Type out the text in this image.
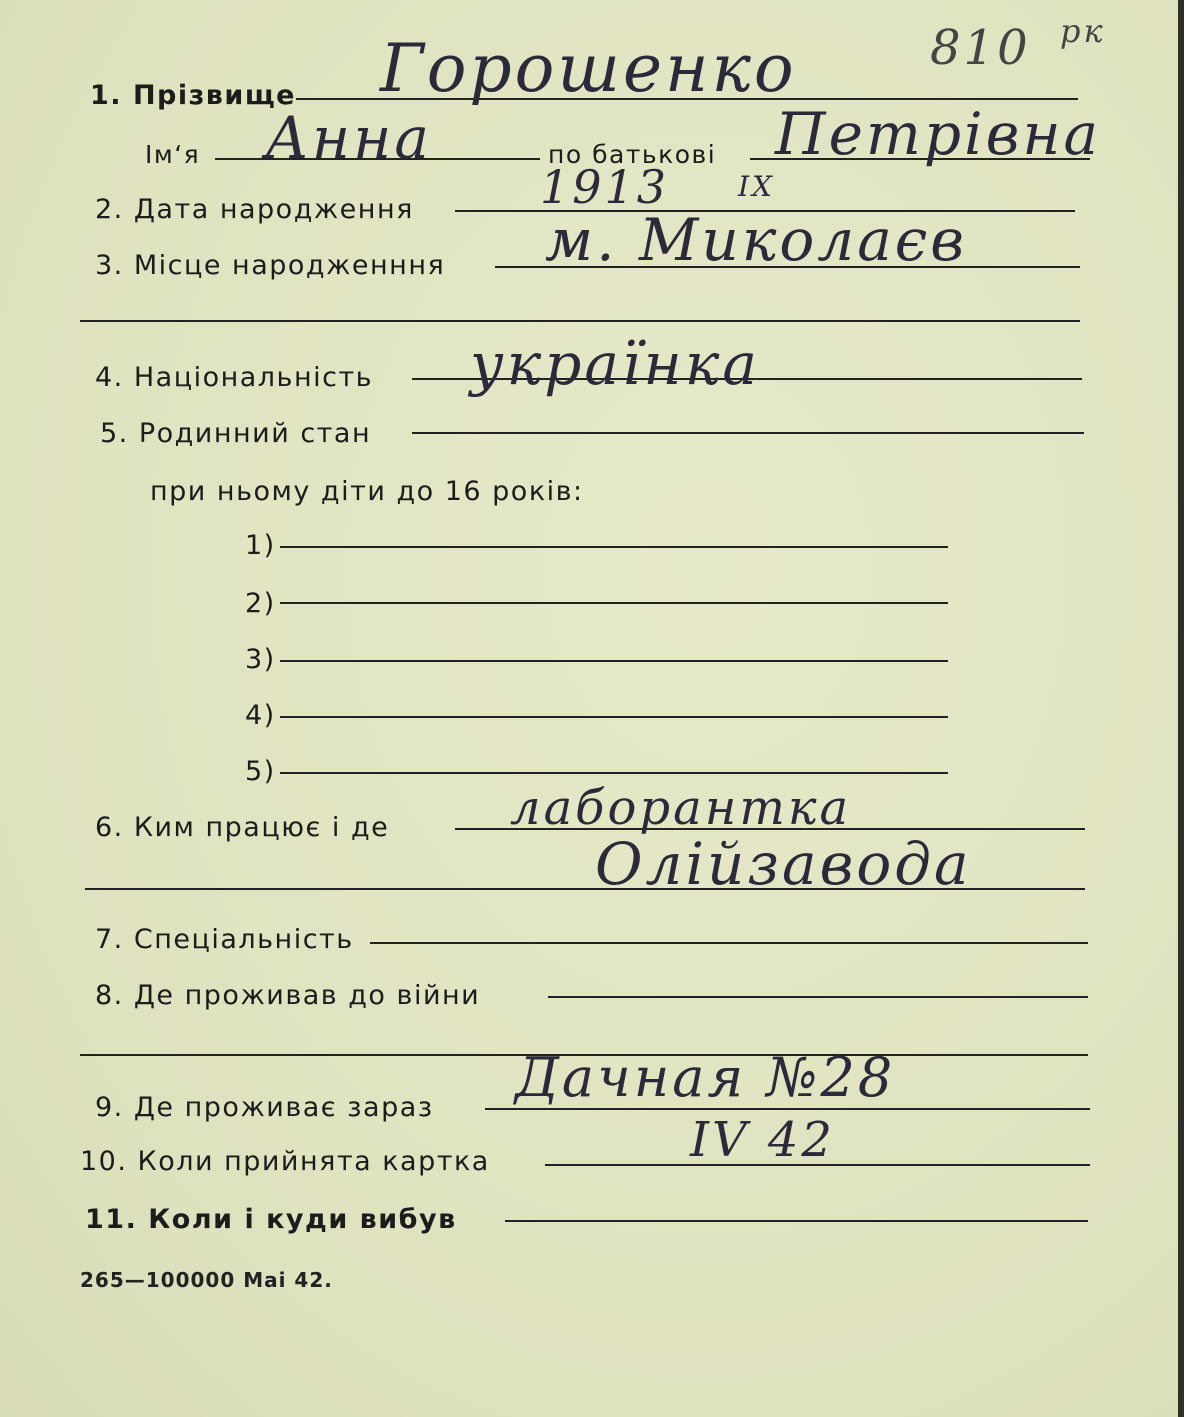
810 рк
1. Прізвище Горошенко
Ім‘я Анна	по батькові Петрівна
2. Дата народження	1913 IX
3. Місце народженння м. Миколаєв
4. Національність українка
5. Родинний стан
при ньому діти до 16 років:
1)
2)
3)
4)
5)
6. Ким працює і де	лаборантка
Олійзавода
7. Спеціальність
8. Де проживав до війни
9. Де проживає зараз Дачная №28
10. Коли прийнята картка	IV 42
11. Коли і куди вибув
265—100000 Mai 42.
